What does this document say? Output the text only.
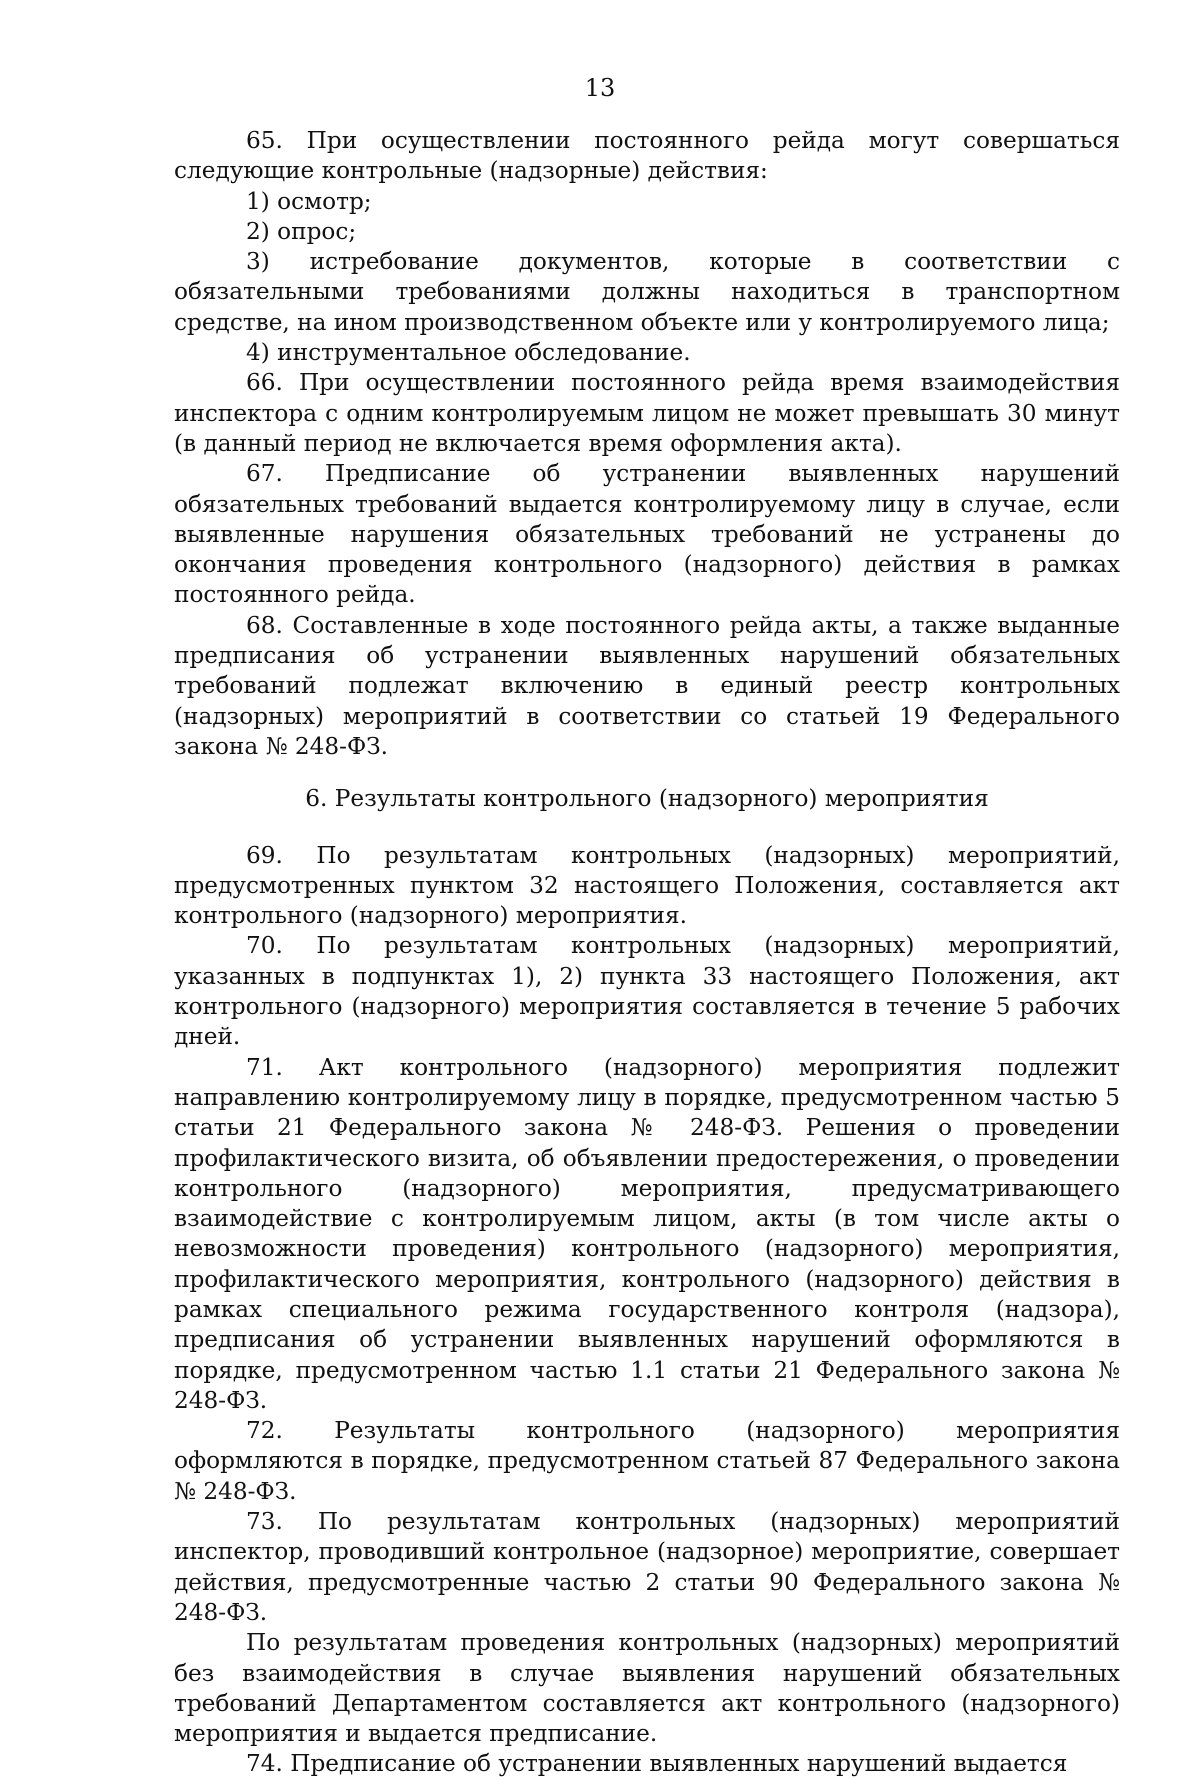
13

65. При осуществлении постоянного рейда могут совершаться следующие контрольные (надзорные) действия:

1) осмотр;

2) опрос;

3) истребование документов, которые в соответствии с обязательными требованиями должны находиться в транспортном средстве, на ином производственном объекте или у контролируемого лица;

4) инструментальное обследование.

66. При осуществлении постоянного рейда время взаимодействия инспектора с одним контролируемым лицом не может превышать 30 минут (в данный период не включается время оформления акта).

67. Предписание об устранении выявленных нарушений обязательных требований выдается контролируемому лицу в случае, если выявленные нарушения обязательных требований не устранены до окончания проведения контрольного (надзорного) действия в рамках постоянного рейда.

68. Составленные в ходе постоянного рейда акты, а также выданные предписания об устранении выявленных нарушений обязательных требований подлежат включению в единый реестр контрольных (надзорных) мероприятий в соответствии со статьей 19 Федерального закона № 248-ФЗ.

6. Результаты контрольного (надзорного) мероприятия

69. По результатам контрольных (надзорных) мероприятий, предусмотренных пунктом 32 настоящего Положения, составляется акт контрольного (надзорного) мероприятия.

70. По результатам контрольных (надзорных) мероприятий, указанных в подпунктах 1), 2) пункта 33 настоящего Положения, акт контрольного (надзорного) мероприятия составляется в течение 5 рабочих дней.

71. Акт контрольного (надзорного) мероприятия подлежит направлению контролируемому лицу в порядке, предусмотренном частью 5 статьи 21 Федерального закона № 248-ФЗ. Решения о проведении профилактического визита, об объявлении предостережения, о проведении контрольного (надзорного) мероприятия, предусматривающего взаимодействие с контролируемым лицом, акты (в том числе акты о невозможности проведения) контрольного (надзорного) мероприятия, профилактического мероприятия, контрольного (надзорного) действия в рамках специального режима государственного контроля (надзора), предписания об устранении выявленных нарушений оформляются в порядке, предусмотренном частью 1.1 статьи 21 Федерального закона № 248-ФЗ.

72. Результаты контрольного (надзорного) мероприятия оформляются в порядке, предусмотренном статьей 87 Федерального закона № 248-ФЗ.

73. По результатам контрольных (надзорных) мероприятий инспектор, проводивший контрольное (надзорное) мероприятие, совершает действия, предусмотренные частью 2 статьи 90 Федерального закона № 248-ФЗ.

По результатам проведения контрольных (надзорных) мероприятий без взаимодействия в случае выявления нарушений обязательных требований Департаментом составляется акт контрольного (надзорного) мероприятия и выдается предписание.

74. Предписание об устранении выявленных нарушений выдается
